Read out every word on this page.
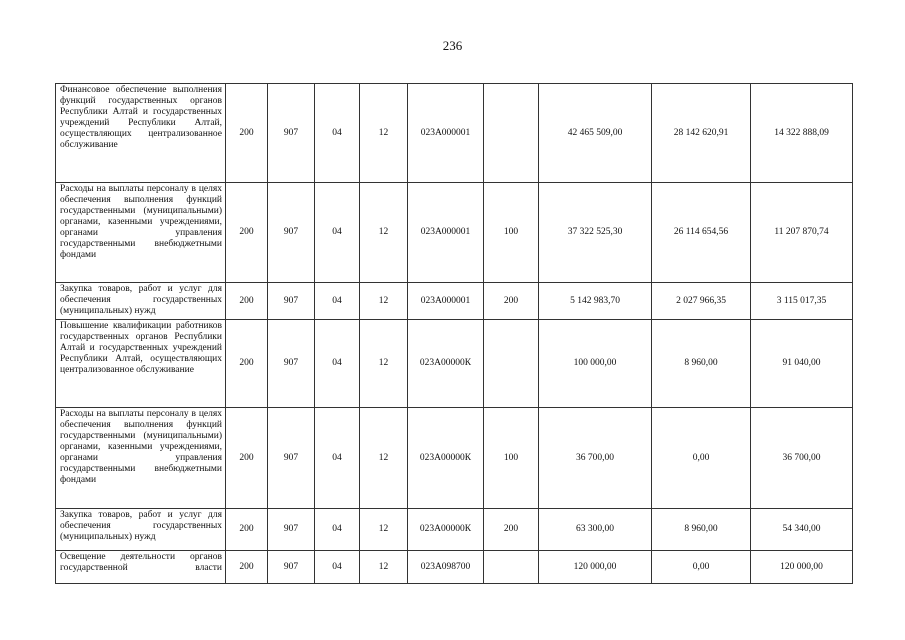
236
Финансовое обеспечение выполнения функций государственных органов Республики Алтай и государственных учреждений Республики Алтай, осуществляющих централизованное обслуживание	200	907	04	12	023А000001		42 465 509,00	28 142 620,91	14 322 888,09
Расходы на выплаты персоналу в целях обеспечения выполнения функций государственными (муниципальными) органами, казенными учреждениями, органами управления государственными внебюджетными фондами	200	907	04	12	023А000001	100	37 322 525,30	26 114 654,56	11 207 870,74
Закупка товаров, работ и услуг для обеспечения государственных (муниципальных) нужд	200	907	04	12	023А000001	200	5 142 983,70	2 027 966,35	3 115 017,35
Повышение квалификации работников государственных органов Республики Алтай и государственных учреждений Республики Алтай, осуществляющих централизованное обслуживание	200	907	04	12	023А00000К		100 000,00	8 960,00	91 040,00
Расходы на выплаты персоналу в целях обеспечения выполнения функций государственными (муниципальными) органами, казенными учреждениями, органами управления государственными внебюджетными фондами	200	907	04	12	023А00000К	100	36 700,00	0,00	36 700,00
Закупка товаров, работ и услуг для обеспечения государственных (муниципальных) нужд	200	907	04	12	023А00000К	200	63 300,00	8 960,00	54 340,00
Освещение деятельности органов государственной власти	200	907	04	12	023А098700		120 000,00	0,00	120 000,00
